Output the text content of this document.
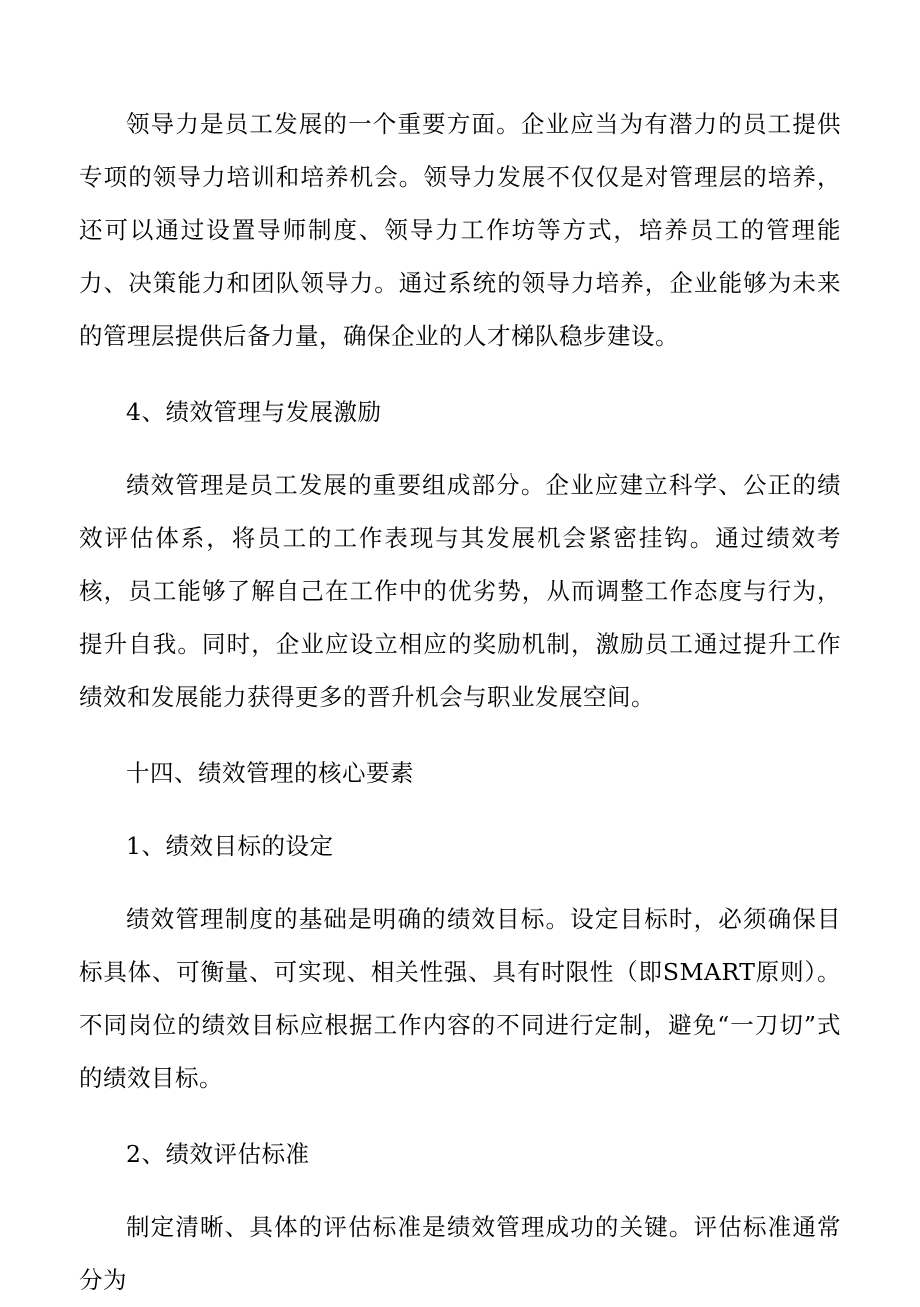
领导力是员工发展的一个重要方面。企业应当为有潜力的员工提供专项的领导力培训和培养机会。领导力发展不仅仅是对管理层的培养，还可以通过设置导师制度、领导力工作坊等方式，培养员工的管理能力、决策能力和团队领导力。通过系统的领导力培养，企业能够为未来的管理层提供后备力量，确保企业的人才梯队稳步建设。

4、绩效管理与发展激励

绩效管理是员工发展的重要组成部分。企业应建立科学、公正的绩效评估体系，将员工的工作表现与其发展机会紧密挂钩。通过绩效考核，员工能够了解自己在工作中的优劣势，从而调整工作态度与行为，提升自我。同时，企业应设立相应的奖励机制，激励员工通过提升工作绩效和发展能力获得更多的晋升机会与职业发展空间。

十四、绩效管理的核心要素

1、绩效目标的设定

绩效管理制度的基础是明确的绩效目标。设定目标时，必须确保目标具体、可衡量、可实现、相关性强、具有时限性（即SMART原则）。不同岗位的绩效目标应根据工作内容的不同进行定制，避免“一刀切”式的绩效目标。

2、绩效评估标准

制定清晰、具体的评估标准是绩效管理成功的关键。评估标准通常分为
